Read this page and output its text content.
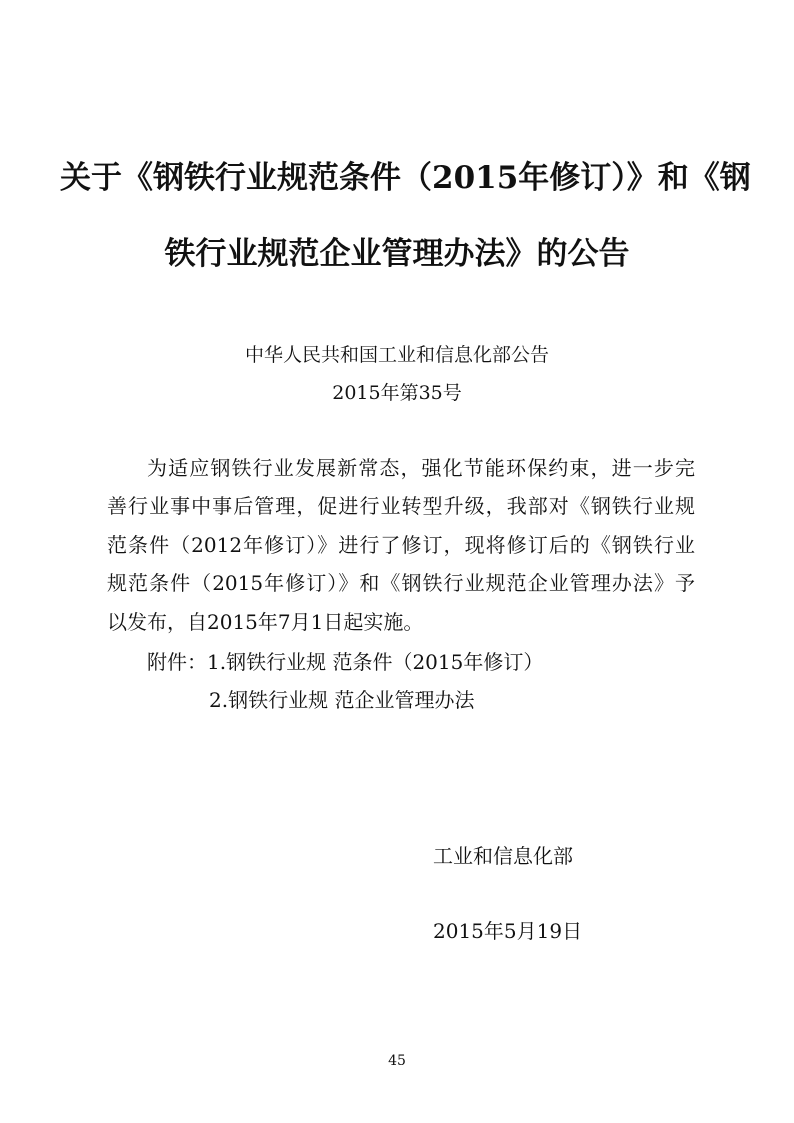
关于《钢铁行业规范条件（2015年修订）》和《钢
铁行业规范企业管理办法》的公告
中华人民共和国工业和信息化部公告
2015年第35号
为适应钢铁行业发展新常态，强化节能环保约束，进一步完
善行业事中事后管理，促进行业转型升级，我部对《钢铁行业规
范条件（2012年修订）》进行了修订，现将修订后的《钢铁行业
规范条件（2015年修订）》和《钢铁行业规范企业管理办法》予
以发布，自2015年7月1日起实施。
附件：1.钢铁行业规 范条件（2015年修订）
2.钢铁行业规 范企业管理办法
工业和信息化部
2015年5月19日
45
